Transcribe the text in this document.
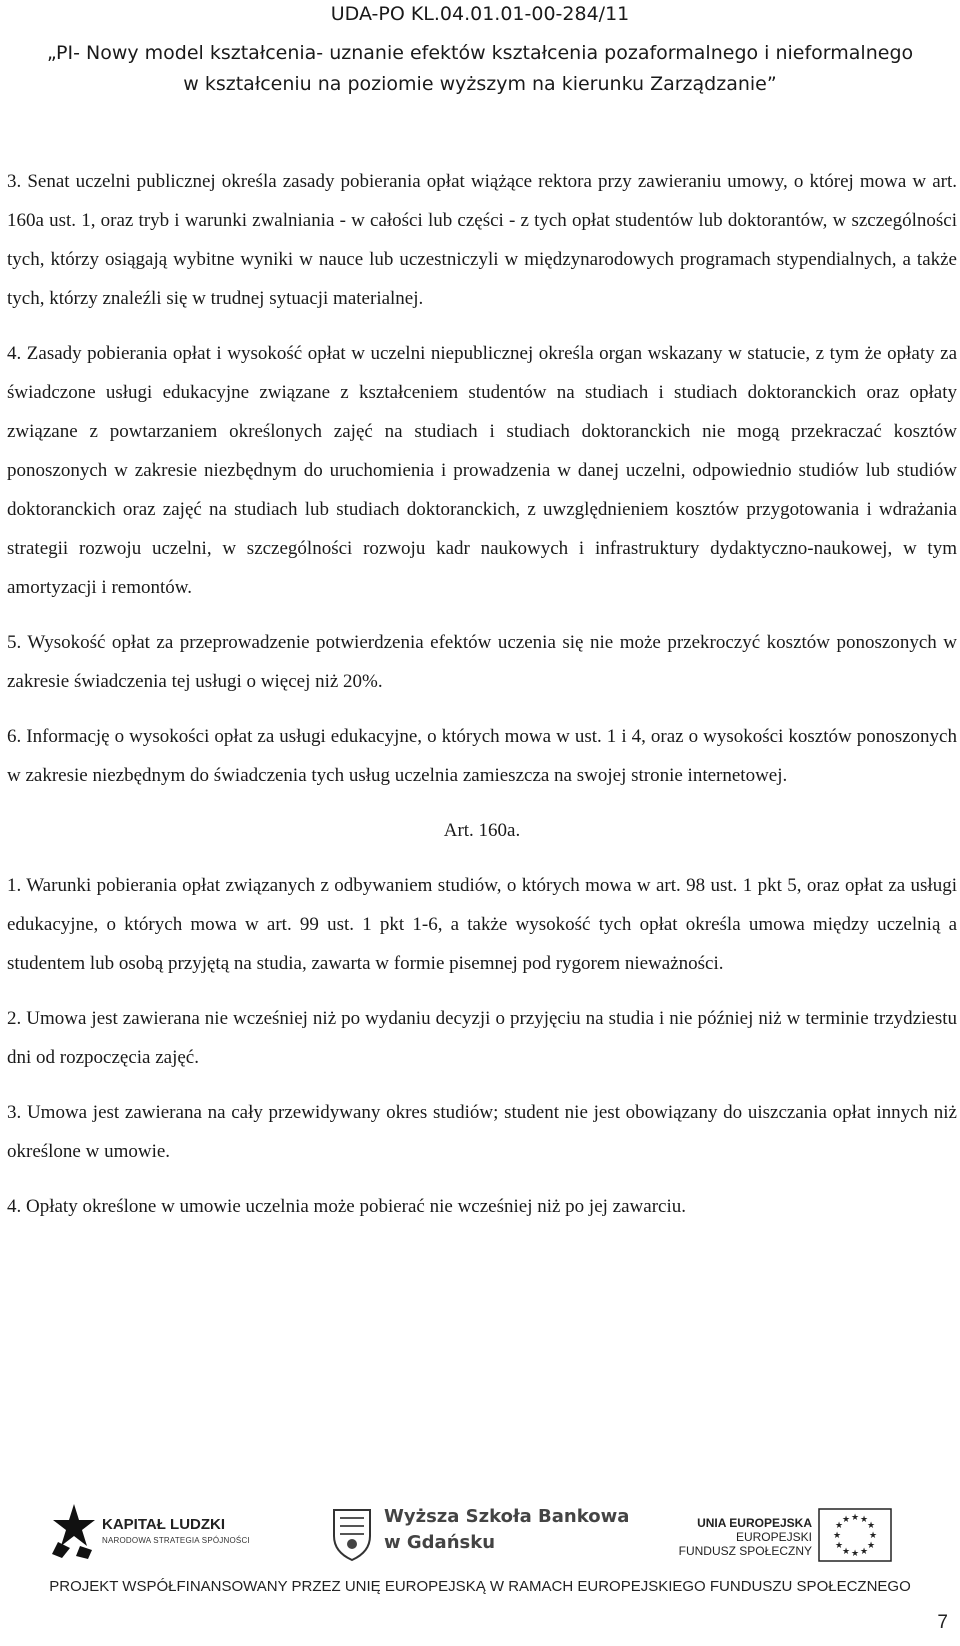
UDA-PO KL.04.01.01-00-284/11
„PI- Nowy model kształcenia- uznanie efektów kształcenia pozaformalnego i nieformalnego w kształceniu na poziomie wyższym na kierunku Zarządzanie”

3. Senat uczelni publicznej określa zasady pobierania opłat wiążące rektora przy zawieraniu umowy, o której mowa w art. 160a ust. 1, oraz tryb i warunki zwalniania - w całości lub części - z tych opłat studentów lub doktorantów, w szczególności tych, którzy osiągają wybitne wyniki w nauce lub uczestniczyli w międzynarodowych programach stypendialnych, a także tych, którzy znaleźli się w trudnej sytuacji materialnej.

4. Zasady pobierania opłat i wysokość opłat w uczelni niepublicznej określa organ wskazany w statucie, z tym że opłaty za świadczone usługi edukacyjne związane z kształceniem studentów na studiach i studiach doktoranckich oraz opłaty związane z powtarzaniem określonych zajęć na studiach i studiach doktoranckich nie mogą przekraczać kosztów ponoszonych w zakresie niezbędnym do uruchomienia i prowadzenia w danej uczelni, odpowiednio studiów lub studiów doktoranckich oraz zajęć na studiach lub studiach doktoranckich, z uwzględnieniem kosztów przygotowania i wdrażania strategii rozwoju uczelni, w szczególności rozwoju kadr naukowych i infrastruktury dydaktyczno-naukowej, w tym amortyzacji i remontów.

5. Wysokość opłat za przeprowadzenie potwierdzenia efektów uczenia się nie może przekroczyć kosztów ponoszonych w zakresie świadczenia tej usługi o więcej niż 20%.

6. Informację o wysokości opłat za usługi edukacyjne, o których mowa w ust. 1 i 4, oraz o wysokości kosztów ponoszonych w zakresie niezbędnym do świadczenia tych usług uczelnia zamieszcza na swojej stronie internetowej.

Art. 160a.

1. Warunki pobierania opłat związanych z odbywaniem studiów, o których mowa w art. 98 ust. 1 pkt 5, oraz opłat za usługi edukacyjne, o których mowa w art. 99 ust. 1 pkt 1-6, a także wysokość tych opłat określa umowa między uczelnią a studentem lub osobą przyjętą na studia, zawarta w formie pisemnej pod rygorem nieważności.

2. Umowa jest zawierana nie wcześniej niż po wydaniu decyzji o przyjęciu na studia i nie później niż w terminie trzydziestu dni od rozpoczęcia zajęć.

3. Umowa jest zawierana na cały przewidywany okres studiów; student nie jest obowiązany do uiszczania opłat innych niż określone w umowie.

4. Opłaty określone w umowie uczelnia może pobierać nie wcześniej niż po jej zawarciu.

KAPITAŁ LUDZKI
NARODOWA STRATEGIA SPÓJNOŚCI
Wyższa Szkoła Bankowa
w Gdańsku
UNIA EUROPEJSKA
EUROPEJSKI
FUNDUSZ SPOŁECZNY
★ ★
★
★
★
★
★
★
★
★
★
★
PROJEKT WSPÓŁFINANSOWANY PRZEZ UNIĘ EUROPEJSKĄ W RAMACH EUROPEJSKIEGO FUNDUSZU SPOŁECZNEGO
7
